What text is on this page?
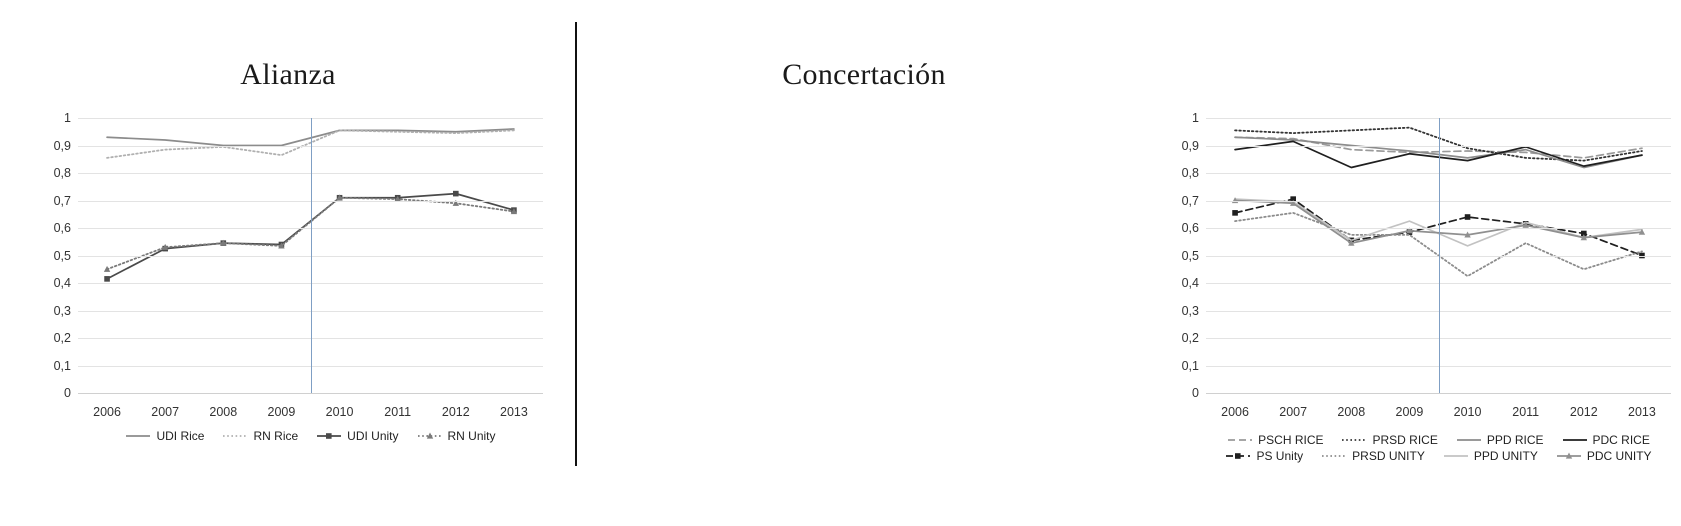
Alianza
1
0,9
0,8
0,7
0,6
0,5
0,4
0,3
0,2
0,1
0
2006 2007 2008 2009 2010 2011 2012 2013
UDI Rice	RN Rice	UDI Unity	RN Unity
Concertación
1
0,9
0,8
0,7
0,6
0,5
0,4
0,3
0,2
0,1
0
2006 2007 2008 2009 2010 2011 2012 2013
PSCH RICE	PRSD RICE	PPD RICE	PDC RICE
PS Unity	PRSD UNITY	PPD UNITY	PDC UNITY
